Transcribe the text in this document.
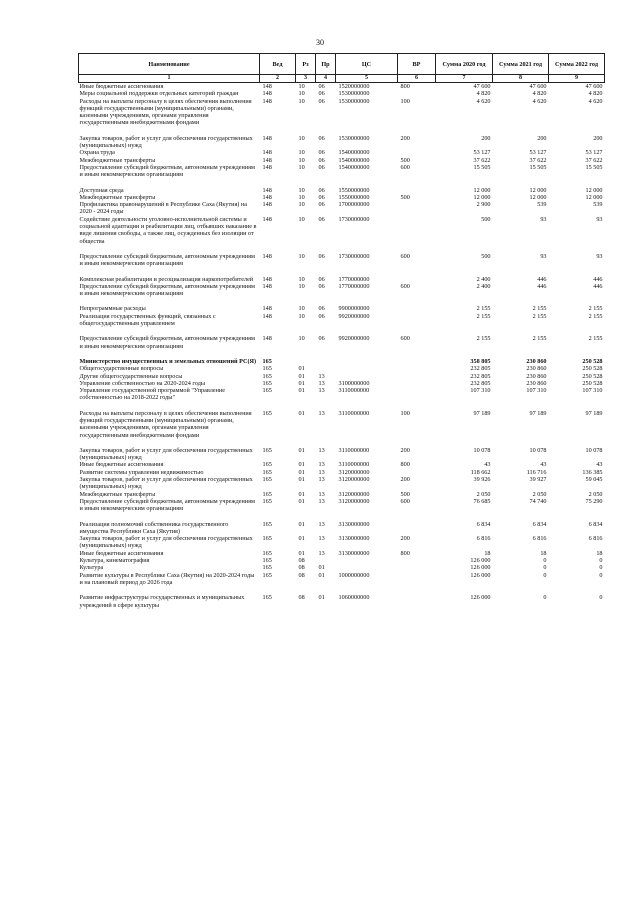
30
Наименование	Вед	Рз	Пр	ЦС	ВР	Сумма 2020 год	Сумма 2021 год	Сумма 2022 год
1	2	3	4	5	6	7	8	9
Иные бюджетные ассигнования	148	10	06	1520000000	800	47 600	47 600	47 600
Меры социальной поддержки отдельных категорий граждан	148	10	06	1530000000		4 820	4 820	4 820
Расходы на выплаты персоналу в целях обеспечения выполнения функций государственными (муниципальными) органами, казенными учреждениями, органами управления государственными внебюджетными фондами	148	10	06	1530000000	100	4 620	4 620	4 620

Закупка товаров, работ и услуг для обеспечения государственных (муниципальных) нужд	148	10	06	1530000000	200	200	200	200
Охрана труда	148	10	06	1540000000		53 127	53 127	53 127
Межбюджетные трансферты	148	10	06	1540000000	500	37 622	37 622	37 622
Предоставление субсидий бюджетным, автономным учреждениям и иным некоммерческим организациям	148	10	06	1540000000	600	15 505	15 505	15 505

Доступная среда	148	10	06	1550000000		12 000	12 000	12 000
Межбюджетные трансферты	148	10	06	1550000000	500	12 000	12 000	12 000
Профилактика правонарушений в Республике Саха (Якутия) на 2020 - 2024 годы	148	10	06	1700000000		2 900	539	539
Содействие деятельности уголовно-исполнительной системы и социальной адаптации и реабилитации лиц, отбывших наказание в виде лишения свободы, а также лиц, осужденных без изоляции от общества	148	10	06	1730000000		500	93	93

Предоставление субсидий бюджетным, автономным учреждениям и иным некоммерческим организациям	148	10	06	1730000000	600	500	93	93

Комплексная реабилитация и ресоциализация наркопотребителей	148	10	06	1770000000		2 400	446	446
Предоставление субсидий бюджетным, автономным учреждениям и иным некоммерческим организациям	148	10	06	1770000000	600	2 400	446	446

Непрограммные расходы	148	10	06	9900000000		2 155	2 155	2 155
Реализация государственных функций, связанных с общегосударственным управлением	148	10	06	9920000000		2 155	2 155	2 155

Предоставление субсидий бюджетным, автономным учреждениям и иным некоммерческим организациям	148	10	06	9920000000	600	2 155	2 155	2 155

Министерство имущественных и земельных отношений РС(Я)	165					358 805	230 860	250 528
Общегосударственные вопросы	165	01				232 805	230 860	250 528
Другие общегосударственные вопросы	165	01	13			232 805	230 860	250 528
Управление собственностью на 2020-2024 годы	165	01	13	3100000000		232 805	230 860	250 528
Управление государственной программой "Управление собственностью на 2018-2022 годы"	165	01	13	3110000000		107 310	107 310	107 310

Расходы на выплаты персоналу в целях обеспечения выполнения функций государственными (муниципальными) органами, казенными учреждениями, органами управления государственными внебюджетными фондами	165	01	13	3110000000	100	97 189	97 189	97 189

Закупка товаров, работ и услуг для обеспечения государственных (муниципальных) нужд	165	01	13	3110000000	200	10 078	10 078	10 078
Иные бюджетные ассигнования	165	01	13	3110000000	800	43	43	43
Развитие системы управления недвижимостью	165	01	13	3120000000		118 662	116 716	136 385
Закупка товаров, работ и услуг для обеспечения государственных (муниципальных) нужд	165	01	13	3120000000	200	39 926	39 927	59 045
Межбюджетные трансферты	165	01	13	3120000000	500	2 050	2 050	2 050
Предоставление субсидий бюджетным, автономным учреждениям и иным некоммерческим организациям	165	01	13	3120000000	600	76 685	74 740	75 290

Реализация полномочий собственника государственного имущества Республики Саха (Якутия)	165	01	13	3130000000		6 834	6 834	6 834
Закупка товаров, работ и услуг для обеспечения государственных (муниципальных) нужд	165	01	13	3130000000	200	6 816	6 816	6 816
Иные бюджетные ассигнования	165	01	13	3130000000	800	18	18	18
Культура, кинематография	165	08				126 000	0	0
Культура	165	08	01			126 000	0	0
Развитие культуры в Республике Саха (Якутия) на 2020-2024 годы и на плановый период до 2026 года	165	08	01	1000000000		126 000	0	0

Развитие инфраструктуры государственных и муниципальных учреждений в сфере культуры	165	08	01	1060000000		126 000	0	0
